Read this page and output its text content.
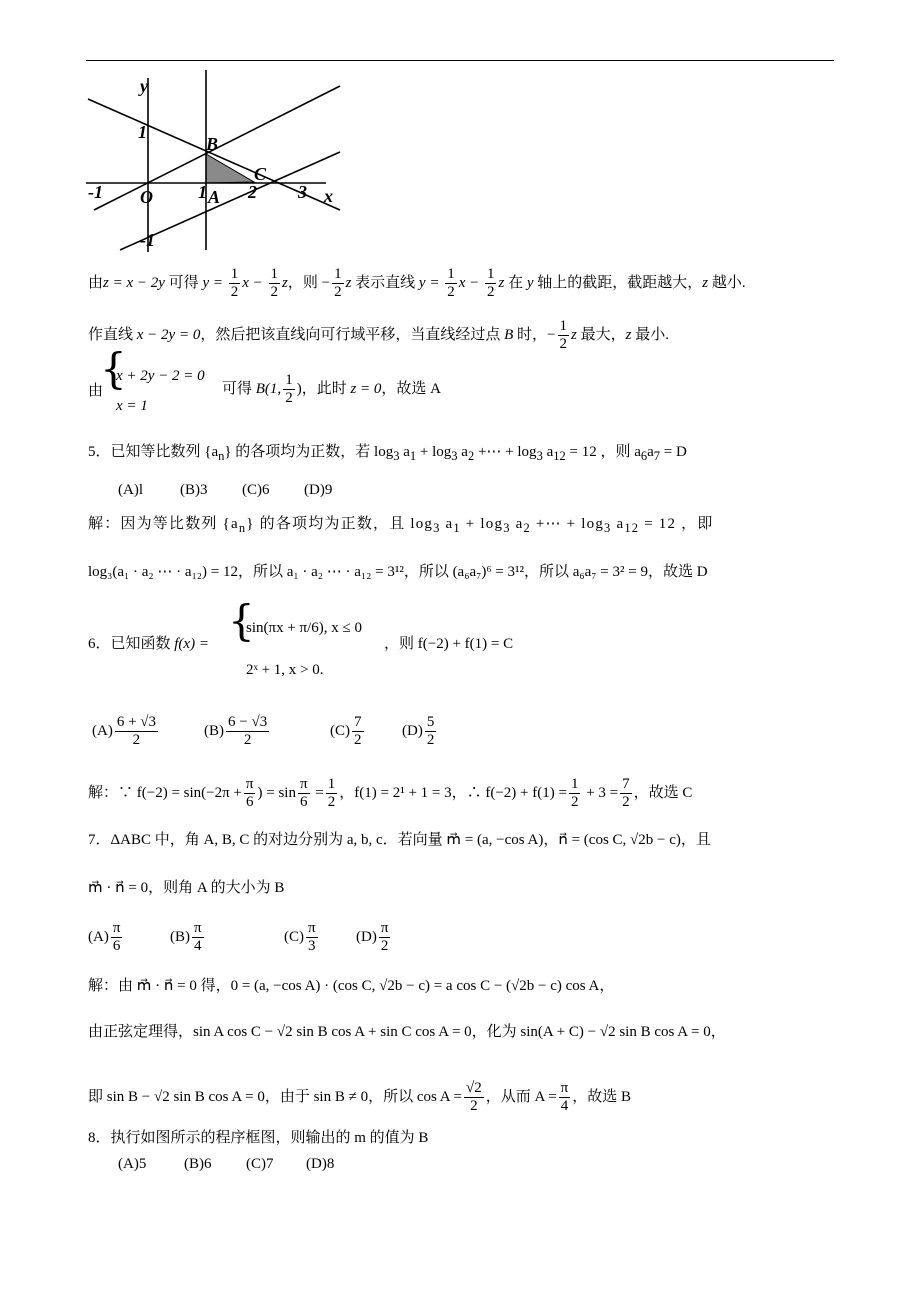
y
x
1
-1
-1 O	1 2 3
B
A
C
由z = x − 2y 可得 $y = \frac{1}{2}$ $x - \frac{1}{2}$ z，则 − $\frac{1}{2}$ z 表示直线 $y = \frac{1}{2}$ $x - \frac{1}{2}$ z 在 y 轴上的截距，截距越大，z 越小.
作直线 x − 2y = 0，然后把该直线向可行域平移，当直线经过点 B 时，− $\frac{1}{2}$ z 最大，z 最小.
由
{
x + 2y − 2 = 0
x = 1
可得 B(1, $\frac{1}{2}$ )，此时 z = 0，故选 A
5．已知等比数列 $\{a_n\}$ 的各项均为正数，若 $\log_3 a_1 + \log_3 a_2$ +⋯ + $\log_3 a_{12} = 12$ ，则 $a_6a_7 = D$
(A)l (B)3 (C)6 (D)9
解：因为等比数列 $\{a_n\}$ 的各项均为正数，且 $\log_3 a_1 + \log_3 a_2$ +⋯ + $\log_3 a_{12} = 12$ ，即
log₃(a₁ · a₂ ⋯ · a₁₂) = 12，所以 a₁ · a₂ ⋯ · a₁₂ = 3¹²，所以 (a₆a₇)⁶ = 3¹²，所以 a₆a₇ = 3² = 9，故选 D
6．已知函数 f(x) = {
sin(πx + π/6), x ≤ 0
2ˣ + 1, x > 0.
，则 f(−2) + f(1) = C
$(A) \frac{6 + √3}{2}$	$(B) \frac{6 - √3}{2}$	$(C) \frac{7}{2}$	$(D) \frac{5}{2}$
解：∵ $f(-2) = \sin(-2\pi + \frac{\pi}{6}$ ) = $\sin \frac{\pi}{6} = \frac{1}{2}$ ，f(1) = 2¹ + 1 = 3，∴ $f(-2) + f(1) = \frac{1}{2} + 3 = \frac{7}{2}$ ，故选 C
7．ΔABC 中，角 A, B, C 的对边分别为 a, b, c．若向量 m⃗ = (a, −cos A)，n⃗ = (cos C, √2b − c)，且
m⃗ · n⃗ = 0，则角 A 的大小为 B
$(A) \frac{\pi}{6}$	$(B) \frac{\pi}{4}$	$(C) \frac{\pi}{3}$	$(D) \frac{\pi}{2}$
解：由 m⃗ · n⃗ = 0 得，0 = (a, −cos A) · (cos C, √2b − c) = a cos C − (√2b − c) cos A，
由正弦定理得，sin A cos C − √2 sin B cos A + sin C cos A = 0，化为 sin(A + C) − √2 sin B cos A = 0，
即 sin B − √2 sin B cos A = 0，由于 sin B ≠ 0，所以 $\cos A = \frac{√2}{2}$ ，从而 $A = \frac{\pi}{4}$ ，故选 B
8．执行如图所示的程序框图，则输出的 m 的值为 B
(A)5	(B)6 (C)7 (D)8
